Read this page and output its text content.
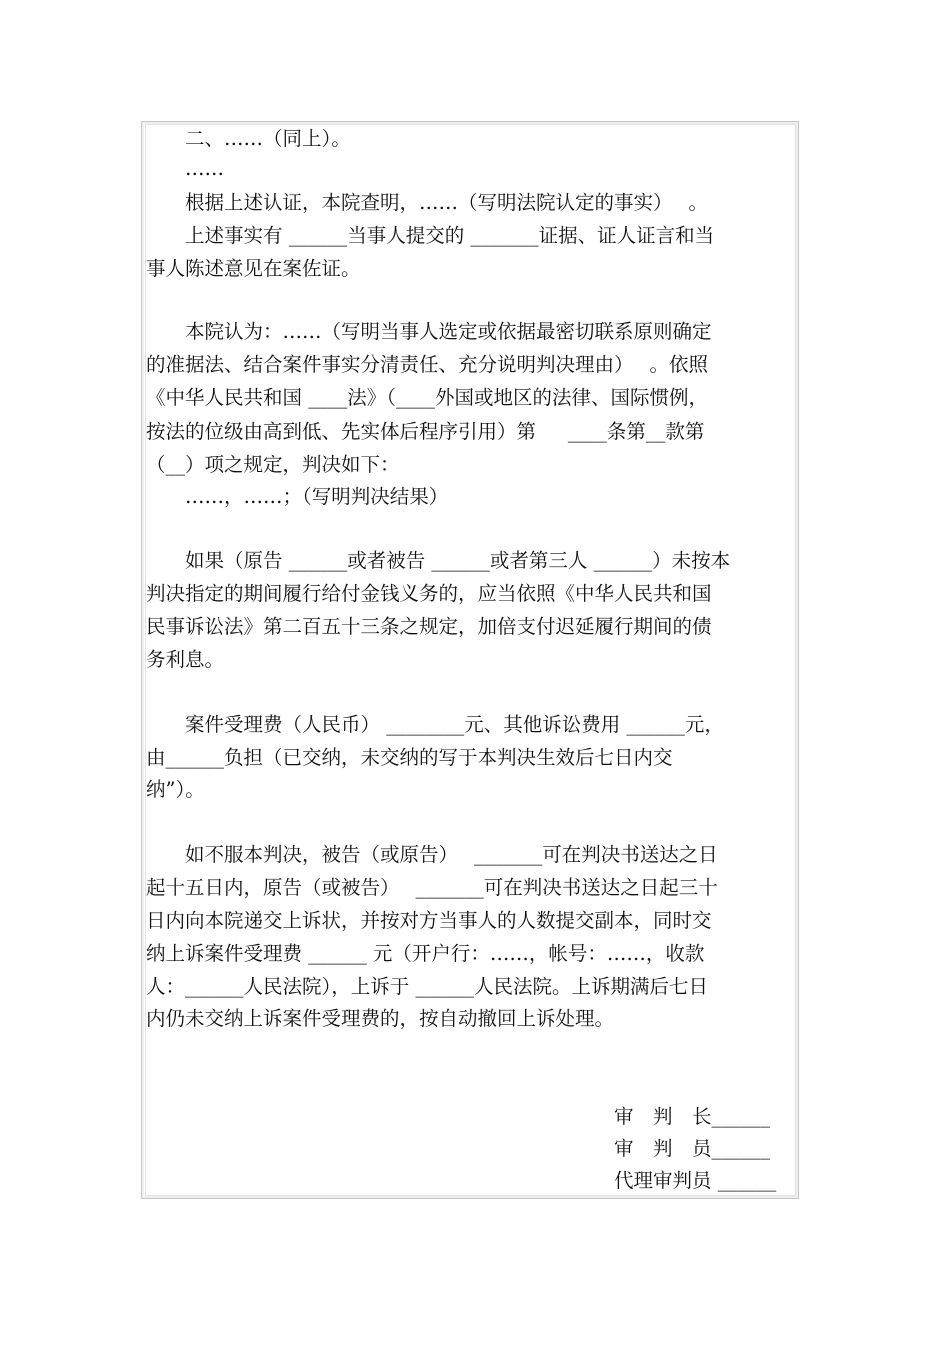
　　二、……（同上）。
　　……
　　根据上述认证，本院查明，……（写明法院认定的事实）　 。
　　上述事实有 ______当事人提交的 _______证据、证人证言和当
事人陈述意见在案佐证。
　　本院认为：……（写明当事人选定或依据最密切联系原则确定
的准据法、结合案件事实分清责任、充分说明判决理由）　 。依照
《中华人民共和国 ____法》（____外国或地区的法律、国际惯例，
按法的位级由高到低、先实体后程序引用）第 　 ____条第__款第
（__）项之规定，判决如下：
　　……，……；（写明判决结果）
　　如果（原告 ______或者被告 ______或者第三人 ______）未按本
判决指定的期间履行给付金钱义务的，应当依照《中华人民共和国
民事诉讼法》第二百五十三条之规定，加倍支付迟延履行期间的债
务利息。
　　案件受理费（人民币） ________元、其他诉讼费用 ______元，
由______负担（已交纳，未交纳的写于本判决生效后七日内交
纳”）。
　　如不服本判决，被告（或原告）　 _______可在判决书送达之日
起十五日内，原告（或被告）　 _______可在判决书送达之日起三十
日内向本院递交上诉状，并按对方当事人的人数提交副本，同时交
纳上诉案件受理费 ______ 元（开户行：……，帐号：……，收款
人：______人民法院），上诉于 ______人民法院。上诉期满后七日
内仍未交纳上诉案件受理费的，按自动撤回上诉处理。
审　判　长______
审　判　员______
代理审判员 ______
